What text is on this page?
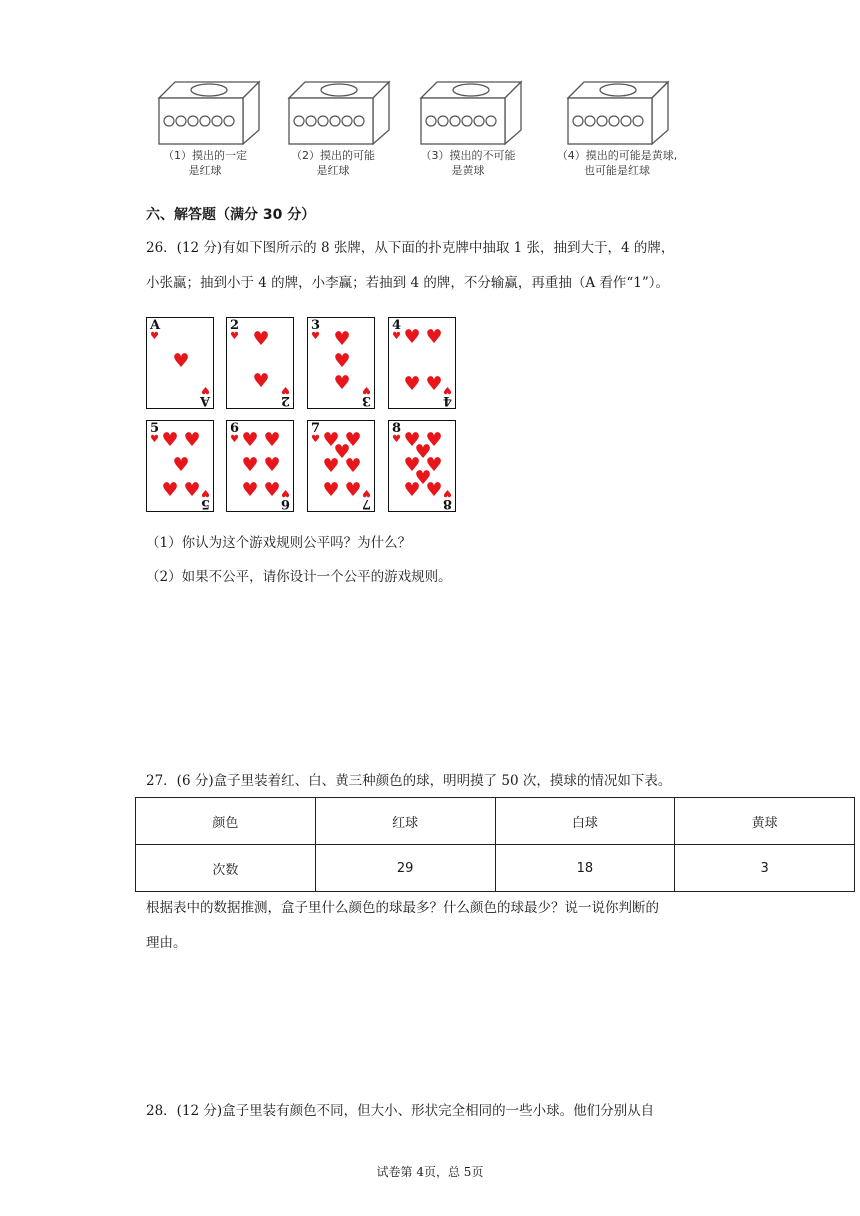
（1）摸出的一定
是红球
（2）摸出的可能
是红球
（3）摸出的不可能
是黄球
（4）摸出的可能是黄球,
也可能是红球
六、解答题（满分 30 分）
26．(12 分)有如下图所示的 8 张牌，从下面的扑克牌中抽取 1 张，抽到大于，4 的牌，
小张赢；抽到小于 4 的牌，小李赢；若抽到 4 的牌，不分输赢，再重抽（A 看作“1”）。
A
♥
♥
♥
A
2
♥ ♥
♥ ♥
2
3
♥ ♥
♥
♥ ♥
3
4
♥ ♥ ♥
♥ ♥ ♥
4
5
♥ ♥ ♥
♥
♥ ♥ ♥
5
6
♥ ♥ ♥
♥ ♥
♥ ♥ ♥
6
7
♥ ♥ ♥
♥
♥ ♥
♥ ♥ ♥
7
8
♥ ♥ ♥
♥
♥ ♥
♥
♥ ♥ ♥
8
（1）你认为这个游戏规则公平吗？为什么？
（2）如果不公平，请你设计一个公平的游戏规则。
27．(6 分)盒子里装着红、白、黄三种颜色的球，明明摸了 50 次，摸球的情况如下表。
颜色	红球	白球	黄球
次数	29	18	3
根据表中的数据推测，盒子里什么颜色的球最多？什么颜色的球最少？说一说你判断的
理由。
28．(12 分)盒子里装有颜色不同，但大小、形状完全相同的一些小球。他们分别从自
试卷第 4页，总 5页
